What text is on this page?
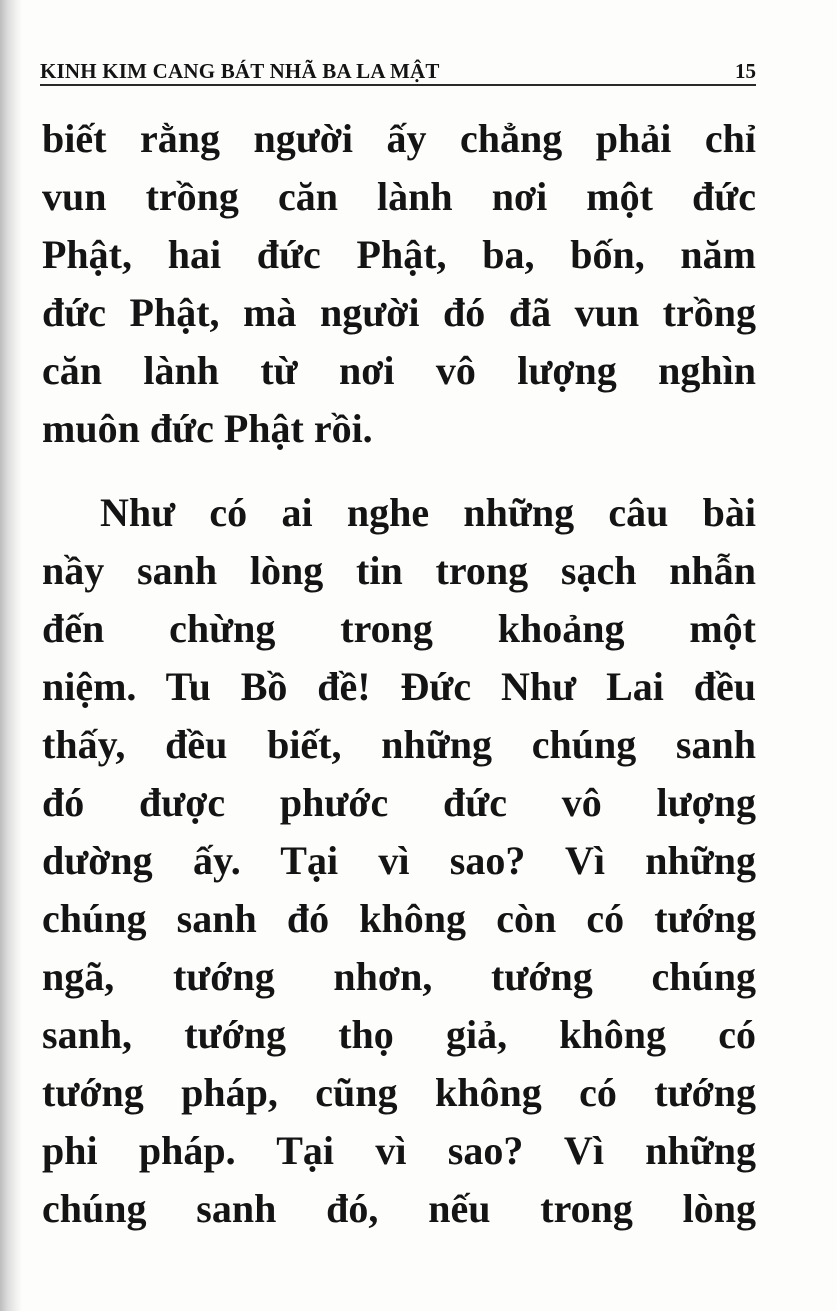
KINH KIM CANG BÁT NHÃ BA LA MẬT	15
biết rằng người ấy chẳng phải chỉ
vun trồng căn lành nơi một đức
Phật, hai đức Phật, ba, bốn, năm
đức Phật, mà người đó đã vun trồng
căn lành từ nơi vô lượng nghìn
muôn đức Phật rồi.
Như có ai nghe những câu bài
nầy sanh lòng tin trong sạch nhẫn
đến chừng trong khoảng một
niệm. Tu Bồ đề! Đức Như Lai đều
thấy, đều biết, những chúng sanh
đó được phước đức vô lượng
dường ấy. Tại vì sao? Vì những
chúng sanh đó không còn có tướng
ngã, tướng nhơn, tướng chúng
sanh, tướng thọ giả, không có
tướng pháp, cũng không có tướng
phi pháp. Tại vì sao? Vì những
chúng sanh đó, nếu trong lòng
